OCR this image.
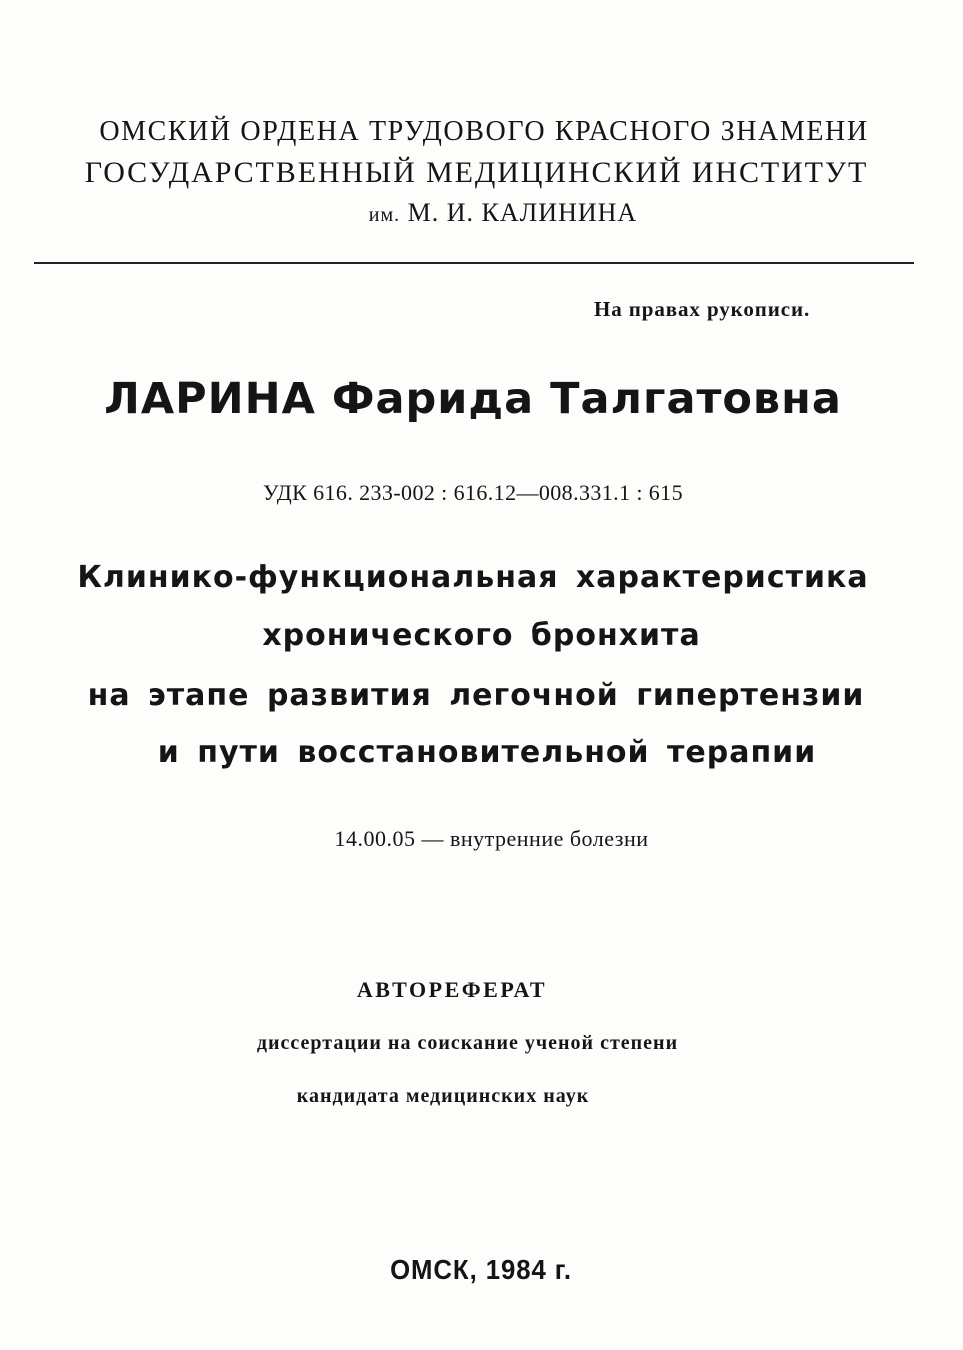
ОМСКИЙ ОРДЕНА ТРУДОВОГО КРАСНОГО ЗНАМЕНИ
ГОСУДАРСТВЕННЫЙ МЕДИЦИНСКИЙ ИНСТИТУТ
им. М. И. КАЛИНИНА
На правах рукописи.
ЛАРИНА Фарида Талгатовна
УДК 616. 233-002 : 616.12—008.331.1 : 615
Клинико-функциональная характеристика
хронического бронхита
на этапе развития легочной гипертензии
и пути восстановительной терапии
14.00.05 — внутренние болезни
АВТОРЕФЕРАТ
диссертации на соискание ученой степени
кандидата медицинских наук
ОМСК, 1984 г.
